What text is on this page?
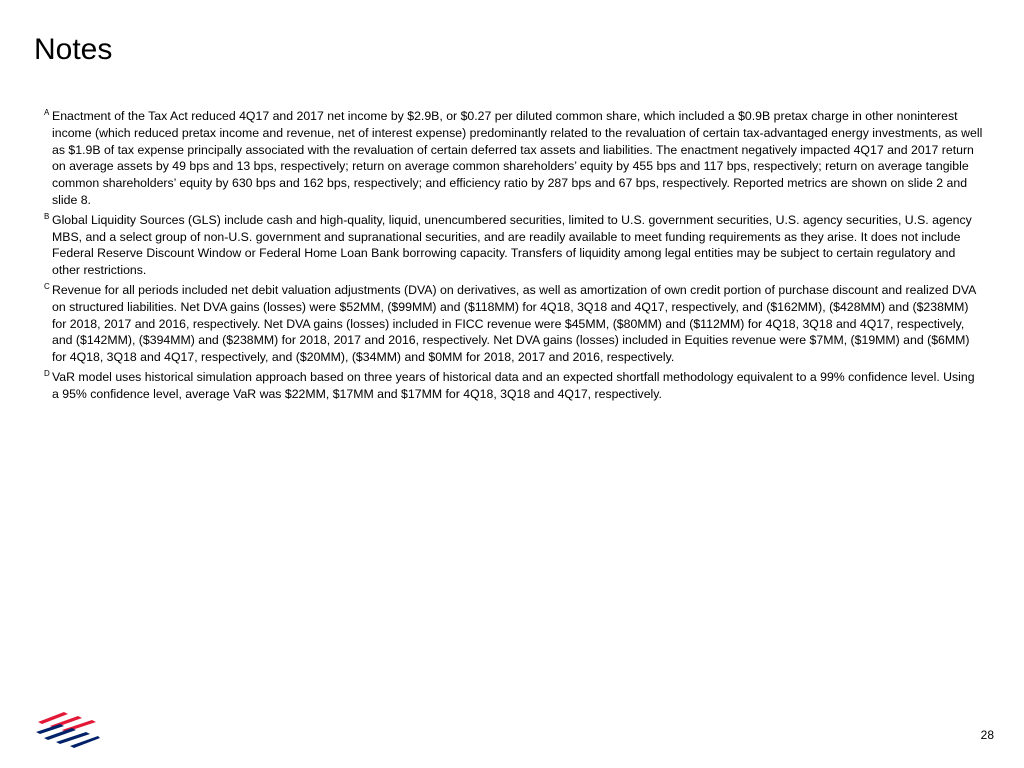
Notes

A Enactment of the Tax Act reduced 4Q17 and 2017 net income by $2.9B, or $0.27 per diluted common share, which included a $0.9B pretax charge in other noninterest income (which reduced pretax income and revenue, net of interest expense) predominantly related to the revaluation of certain tax-advantaged energy investments, as well as $1.9B of tax expense principally associated with the revaluation of certain deferred tax assets and liabilities. The enactment negatively impacted 4Q17 and 2017 return on average assets by 49 bps and 13 bps, respectively; return on average common shareholders’ equity by 455 bps and 117 bps, respectively; return on average tangible common shareholders’ equity by 630 bps and 162 bps, respectively; and efficiency ratio by 287 bps and 67 bps, respectively. Reported metrics are shown on slide 2 and slide 8.

B Global Liquidity Sources (GLS) include cash and high-quality, liquid, unencumbered securities, limited to U.S. government securities, U.S. agency securities, U.S. agency MBS, and a select group of non-U.S. government and supranational securities, and are readily available to meet funding requirements as they arise. It does not include Federal Reserve Discount Window or Federal Home Loan Bank borrowing capacity. Transfers of liquidity among legal entities may be subject to certain regulatory and other restrictions.

C Revenue for all periods included net debit valuation adjustments (DVA) on derivatives, as well as amortization of own credit portion of purchase discount and realized DVA on structured liabilities. Net DVA gains (losses) were $52MM, ($99MM) and ($118MM) for 4Q18, 3Q18 and 4Q17, respectively, and ($162MM), ($428MM) and ($238MM) for 2018, 2017 and 2016, respectively. Net DVA gains (losses) included in FICC revenue were $45MM, ($80MM) and ($112MM) for 4Q18, 3Q18 and 4Q17, respectively, and ($142MM), ($394MM) and ($238MM) for 2018, 2017 and 2016, respectively. Net DVA gains (losses) included in Equities revenue were $7MM, ($19MM) and ($6MM) for 4Q18, 3Q18 and 4Q17, respectively, and ($20MM), ($34MM) and $0MM for 2018, 2017 and 2016, respectively.

D VaR model uses historical simulation approach based on three years of historical data and an expected shortfall methodology equivalent to a 99% confidence level. Using a 95% confidence level, average VaR was $22MM, $17MM and $17MM for 4Q18, 3Q18 and 4Q17, respectively.

28
